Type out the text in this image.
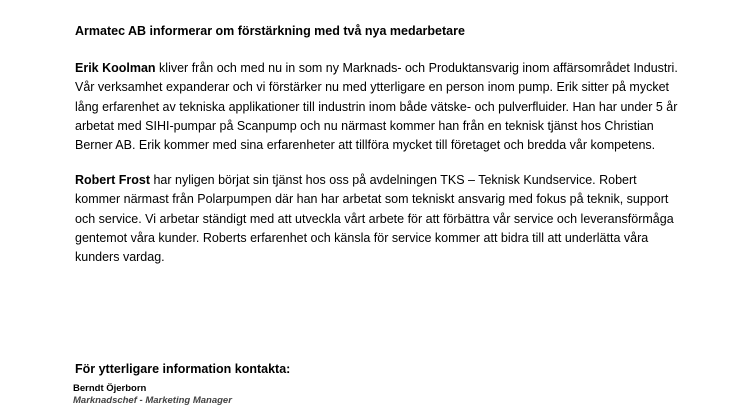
Armatec AB informerar om förstärkning med två nya medarbetare

Erik Koolman kliver från och med nu in som ny Marknads- och Produktansvarig inom affärsområdet Industri.
Vår verksamhet expanderar och vi förstärker nu med ytterligare en person inom pump. Erik sitter på mycket
lång erfarenhet av tekniska applikationer till industrin inom både vätske- och pulverfluider. Han har under 5 år
arbetat med SIHI-pumpar på Scanpump och nu närmast kommer han från en teknisk tjänst hos Christian
Berner AB. Erik kommer med sina erfarenheter att tillföra mycket till företaget och bredda vår kompetens.

Robert Frost har nyligen börjat sin tjänst hos oss på avdelningen TKS – Teknisk Kundservice. Robert
kommer närmast från Polarpumpen där han har arbetat som tekniskt ansvarig med fokus på teknik, support
och service. Vi arbetar ständigt med att utveckla vårt arbete för att förbättra vår service och leveransförmåga
gentemot våra kunder. Roberts erfarenhet och känsla för service kommer att bidra till att underlätta våra
kunders vardag.

För ytterligare information kontakta:
Berndt Öjerborn
Marknadschef - Marketing Manager
